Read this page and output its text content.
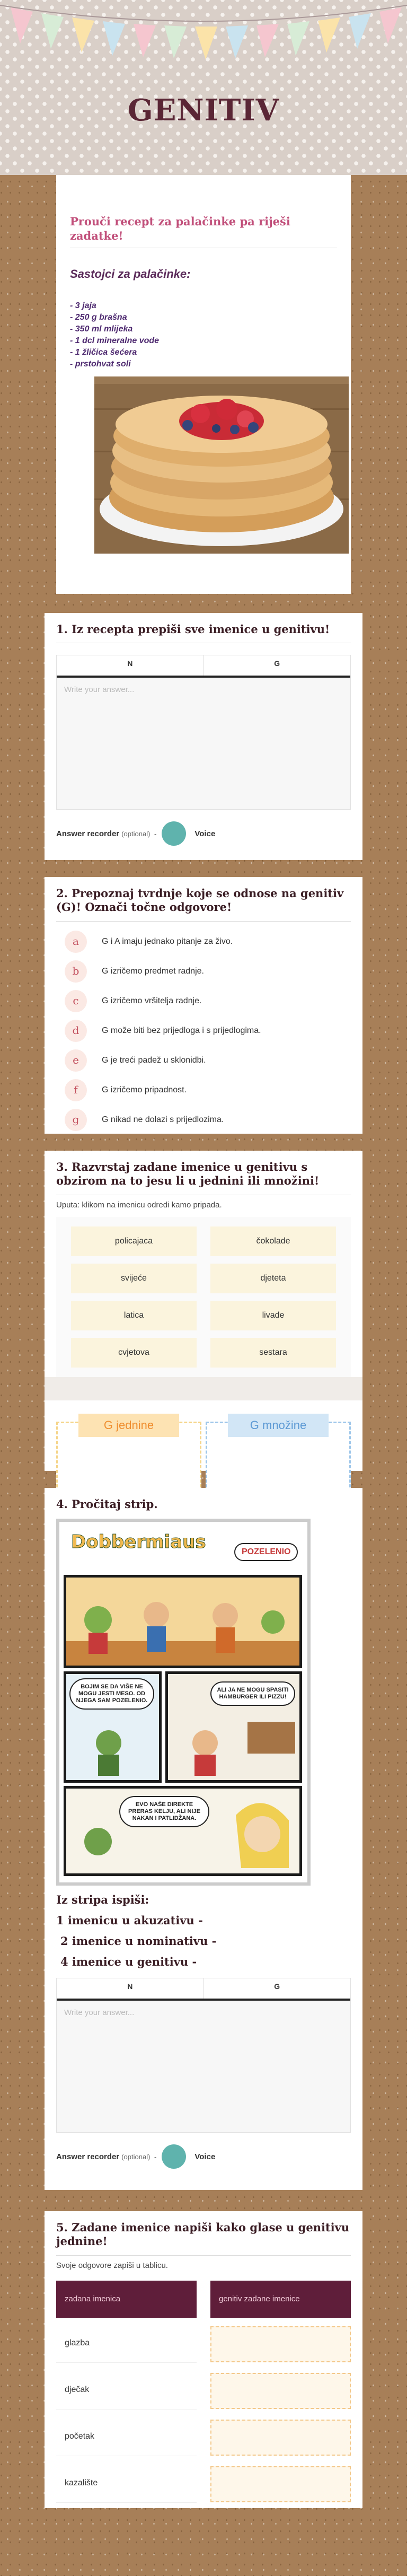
GENITIV
Prouči recept za palačinke pa riješi zadatke!
Sastojci za palačinke:
- 3 jaja
- 250 g brašna
- 350 ml mlijeka
- 1 dcl mineralne vode
- 1 žličica šećera
- prstohvat soli
1. Iz recepta prepiši sve imenice u genitivu!
N	G
Write your answer...
Answer recorder (optional) -	Voice
2. Prepoznaj tvrdnje koje se odnose na genitiv (G)! Označi točne odgovore!
a	G i A imaju jednako pitanje za živo.
b	G izričemo predmet radnje.
c	G izričemo vršitelja radnje.
d	G može biti bez prijedloga i s prijedlogima.
e	G je treći padež u sklonidbi.
f	G izričemo pripadnost.
g	G nikad ne dolazi s prijedlozima.
3. Razvrstaj zadane imenice u genitivu s obzirom na to jesu li u jednini ili množini!
Uputa: klikom na imenicu odredi kamo pripada.
policajaca	čokolade
svijeće	djeteta
latica	livade
cvjetova	sestara
G jednine	G množine
4. Pročitaj strip.
Dobbermiaus	POZELENIO
BOJIM SE DA VIŠE NE MOGU JESTI MESO. OD NJEGA SAM POZELENIO.
ALI JA NE MOGU SPASITI HAMBURGER ILI PIZZU!
EVO NAŠE DIREKTE PRERAS KELJU, ALI NIJE NAKAN I PATLIDŽANA.

Iz stripa ispiši:

1 imenicu u akuzativu -

2 imenice u nominativu -

4 imenice u genitivu -

N	G
Write your answer...
Answer recorder (optional) -	Voice
5. Zadane imenice napiši kako glase u genitivu jednine!
Svoje odgovore zapiši u tablicu.
zadana imenica	genitiv zadane imenice
glazba
dječak
početak
kazalište
